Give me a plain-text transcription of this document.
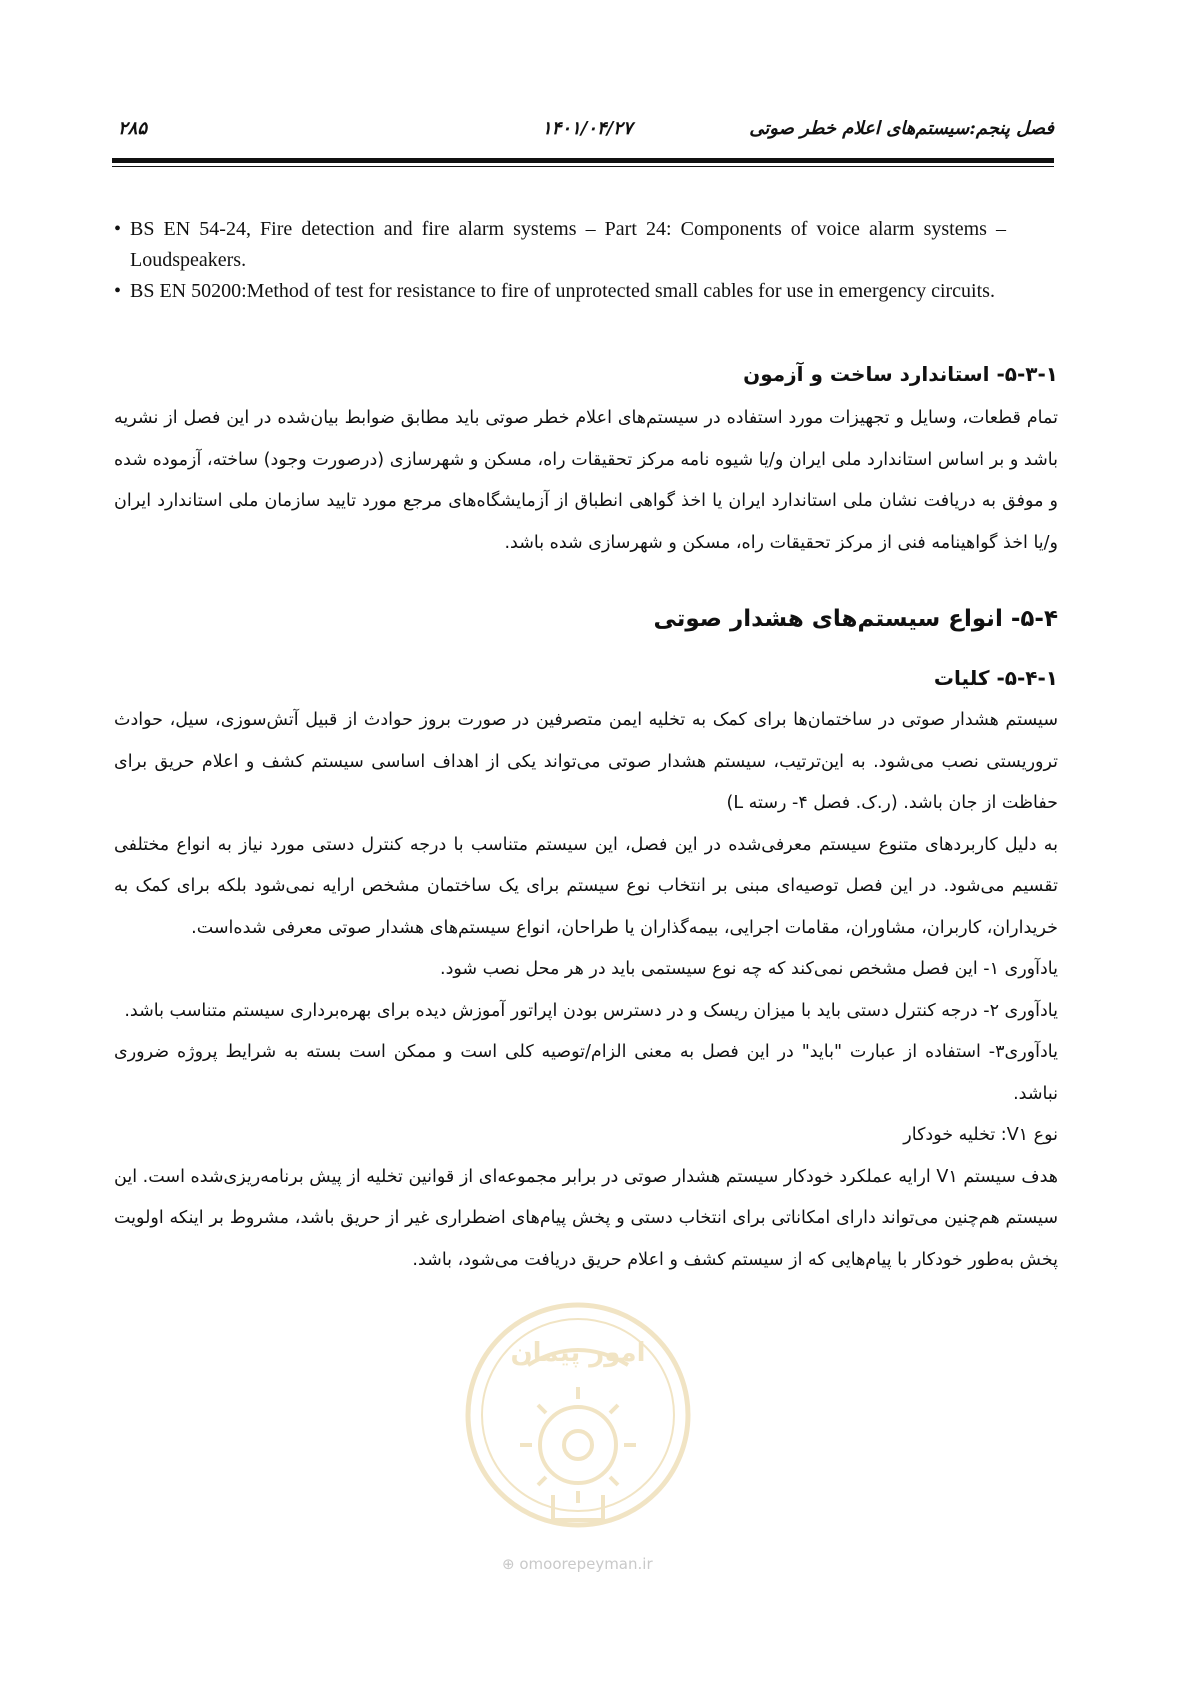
فصل پنجم:سیستم‌های اعلام خطر صوتی
۱۴۰۱/۰۴/۲۷
۲۸۵
• BS EN 54-24, Fire detection and fire alarm systems – Part 24: Components of voice alarm systems – Loudspeakers.
• BS EN 50200:Method of test for resistance to fire of unprotected small cables for use in emergency circuits.
۵-۳-۱- استاندارد ساخت و آزمون

تمام قطعات، وسایل و تجهیزات مورد استفاده در سیستم‌های اعلام خطر صوتی باید مطابق ضوابط بیان‌شده در این فصل از نشریه باشد و بر اساس استاندارد ملی ایران و/یا شیوه نامه مرکز تحقیقات راه، مسکن و شهرسازی (درصورت وجود) ساخته، آزموده شده و موفق به دریافت نشان ملی استاندارد ایران یا اخذ گواهی انطباق از آزمایشگاه‌های مرجع مورد تایید سازمان ملی استاندارد ایران و/یا اخذ گواهینامه فنی از مرکز تحقیقات راه، مسکن و شهرسازی شده باشد.

۵-۴- انواع سیستم‌های هشدار صوتی
۵-۴-۱- کلیات

سیستم هشدار صوتی در ساختمان‌ها برای کمک به تخلیه ایمن متصرفین در صورت بروز حوادث از قبیل آتش‌سوزی، سیل، حوادث تروریستی نصب می‌شود. به این‌ترتیب، سیستم هشدار صوتی می‌تواند یکی از اهداف اساسی سیستم کشف و اعلام حریق برای حفاظت از جان باشد. (ر.ک. فصل ۴- رسته L)

به دلیل کاربردهای متنوع سیستم معرفی‌شده در این فصل، این سیستم متناسب با درجه کنترل دستی مورد نیاز به انواع مختلفی تقسیم می‌شود. در این فصل توصیه‌ای مبنی بر انتخاب نوع سیستم برای یک ساختمان مشخص ارایه نمی‌شود بلکه برای کمک به خریداران، کاربران، مشاوران، مقامات اجرایی، بیمه‌گذاران یا طراحان، انواع سیستم‌های هشدار صوتی معرفی شده‌است.

یادآوری ۱- این فصل مشخص نمی‌کند که چه نوع سیستمی باید در هر محل نصب شود.

یادآوری ۲- درجه کنترل دستی باید با میزان ریسک و در دسترس بودن اپراتور آموزش دیده برای بهره‌برداری سیستم متناسب باشد.

یادآوری۳- استفاده از عبارت "باید" در این فصل به معنی الزام/توصیه کلی است و ممکن است بسته به شرایط پروژه ضروری نباشد.

نوع V۱: تخلیه خودکار

هدف سیستم V۱ ارایه عملکرد خودکار سیستم هشدار صوتی در برابر مجموعه‌ای از قوانین تخلیه از پیش برنامه‌ریزی‌شده است. این سیستم هم‌چنین می‌تواند دارای امکاناتی برای انتخاب دستی و پخش پیام‌های اضطراری غیر از حریق باشد، مشروط بر اینکه اولویت پخش به‌طور خودکار با پیام‌هایی که از سیستم کشف و اعلام حریق دریافت می‌شود، باشد.

امور پیمان
⊕ omoorepeyman.ir
